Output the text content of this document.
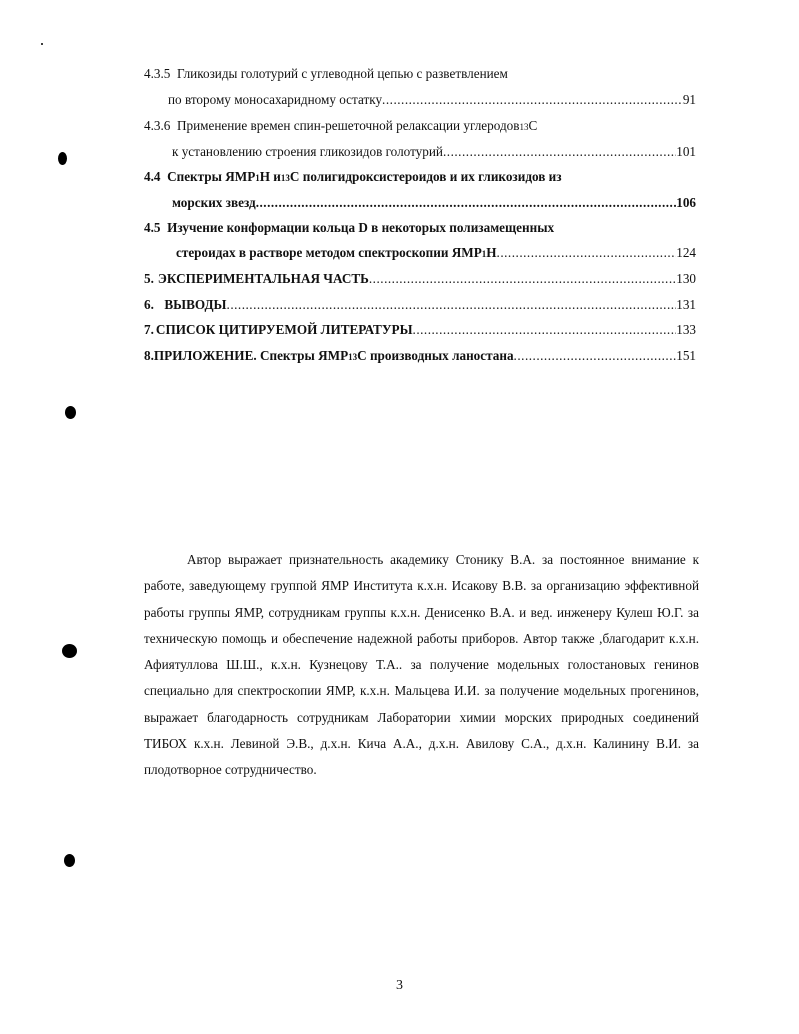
4.3.5
Гликозиды голотурий с углеводной цепью с разветвлением
по второму моносахаридному остатку .....	91
4.3.6
Применение времен спин-решеточной релаксации углеродов 13 С
к установлению строения гликозидов голотурий .....	101
4.4
Спектры ЯМР 1 Н и 13 С полигидроксистероидов и их гликозидов из
морских звезд .....	106
4.5
Изучение конформации кольца D в некоторых полизамещенных
стероидах в растворе методом спектроскопии ЯМР 1 Н .....	124
5. ЭКСПЕРИМЕНТАЛЬНАЯ ЧАСТЬ .....	130
6. ВЫВОДЫ .....	131
7. СПИСОК ЦИТИРУЕМОЙ ЛИТЕРАТУРЫ .....	133
8. ПРИЛОЖЕНИЕ. Спектры ЯМР 13 С производных ланостана .....	151

Автор выражает признательность академику Стонику В.А. за постоянное внимание к работе, заведующему группой ЯМР Института к.х.н. Исакову В.В. за организацию эффективной работы группы ЯМР, сотрудникам группы к.х.н. Денисенко В.А. и вед. инженеру Кулеш Ю.Г. за техническую помощь и обеспечение надежной работы приборов. Автор также ,благодарит к.х.н. Афиятуллова Ш.Ш., к.х.н. Кузнецову Т.А.. за получение модельных голостановых генинов специально для спектроскопии ЯМР, к.х.н. Мальцева И.И. за получение модельных прогенинов, выражает благодарность сотрудникам Лаборатории химии морских природных соединений ТИБОХ к.х.н. Левиной Э.В., д.х.н. Кича А.А., д.х.н. Авилову С.А., д.х.н. Калинину В.И. за плодотворное сотрудничество.

3
